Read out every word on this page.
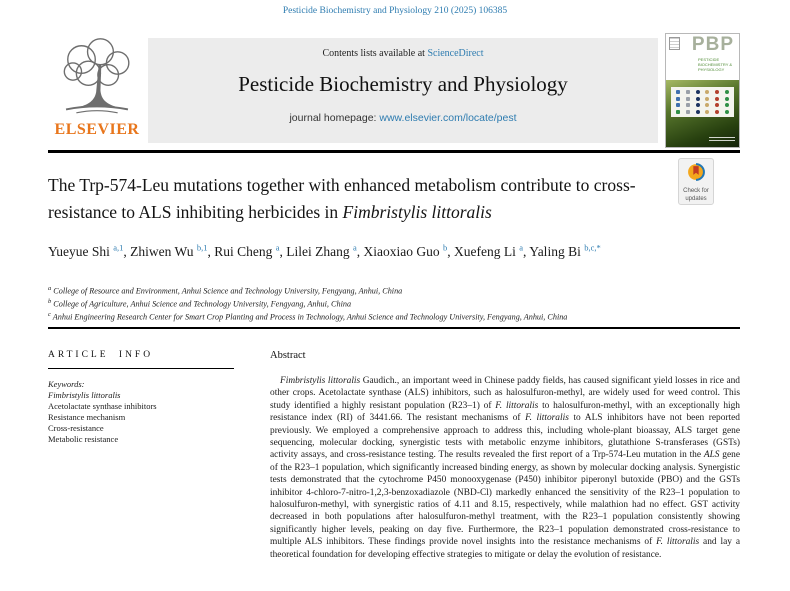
Pesticide Biochemistry and Physiology 210 (2025) 106385
ELSEVIER
Contents lists available at ScienceDirect
Pesticide Biochemistry and Physiology
journal homepage: www.elsevier.com/locate/pest
PBP
PESTICIDE BIOCHEMISTRY & PHYSIOLOGY
The Trp-574-Leu mutations together with enhanced metabolism contribute to cross-resistance to ALS inhibiting herbicides in Fimbristylis littoralis
Check for updates
Yueyue Shi $^{a,1}$, Zhiwen Wu $^{b,1}$, Rui Cheng $^a$, Lilei Zhang $^a$, Xiaoxiao Guo $^b$, Xuefeng Li $^a$, Yaling Bi $^{b,c,*}$
$^a$ College of Resource and Environment, Anhui Science and Technology University, Fengyang, Anhui, China
$^b$ College of Agriculture, Anhui Science and Technology University, Fengyang, Anhui, China
$^c$ Anhui Engineering Research Center for Smart Crop Planting and Process in Technology, Anhui Science and Technology University, Fengyang, Anhui, China
ARTICLE INFO
Keywords:
Fimbristylis littoralis
Acetolactate synthase inhibitors
Resistance mechanism
Cross-resistance
Metabolic resistance
Abstract

Fimbristylis littoralis Gaudich., an important weed in Chinese paddy fields, has caused significant yield losses in rice and other crops. Acetolactate synthase (ALS) inhibitors, such as halosulfuron-methyl, are widely used for weed control. This study identified a highly resistant population (R23–1) of F. littoralis to halosulfuron-methyl, with an exceptionally high resistance index (RI) of 3441.66. The resistant mechanisms of F. littoralis to ALS inhibitors have not been reported previously. We employed a comprehensive approach to address this, including whole-plant bioassay, ALS target gene sequencing, molecular docking, synergistic tests with metabolic enzyme inhibitors, glutathione S-transferases (GSTs) activity assays, and cross-resistance testing. The results revealed the first report of a Trp-574-Leu mutation in the ALS gene of the R23–1 population, which significantly increased binding energy, as shown by molecular docking analysis. Synergistic tests demonstrated that the cytochrome P450 monooxygenase (P450) inhibitor piperonyl butoxide (PBO) and the GSTs inhibitor 4-chloro-7-nitro-1,2,3-benzoxadiazole (NBD-Cl) markedly enhanced the sensitivity of the R23–1 population to halosulfuron-methyl, with synergistic ratios of 4.11 and 8.15, respectively, while malathion had no effect. GST activity decreased in both populations after halosulfuron-methyl treatment, with the R23–1 population consistently showing significantly higher levels, peaking on day five. Furthermore, the R23–1 population demonstrated cross-resistance to multiple ALS inhibitors. These findings provide novel insights into the resistance mechanisms of F. littoralis and lay a theoretical foundation for developing effective strategies to mitigate or delay the evolution of resistance.
